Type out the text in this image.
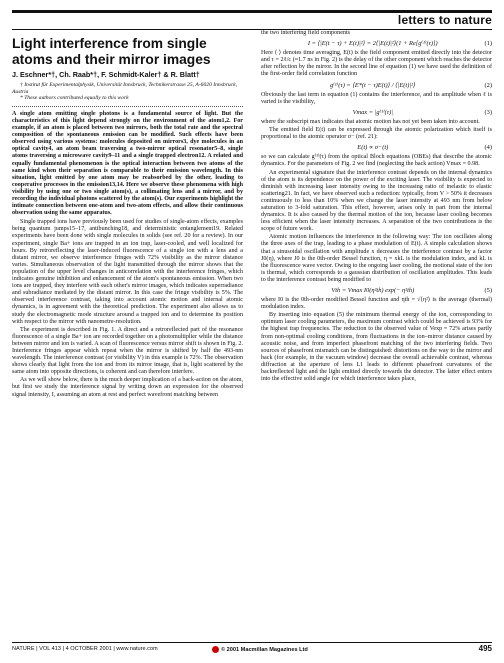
letters to nature
Light interference from single atoms and their mirror images
J. Eschner*†, Ch. Raab*†, F. Schmidt-Kaler† & R. Blatt†

† Institut für Experimentalphysik, Universität Innsbruck, Technikerstrasse 25, A-6020 Innsbruck, Austria

* These authors contributed equally to this work

A single atom emitting single photons is a fundamental source of light. But the characteristics of this light depend strongly on the environment of the atom1,2. For example, if an atom is placed between two mirrors, both the total rate and the spectral composition of the spontaneous emission can be modified. Such effects have been observed using various systems: molecules deposited on mirrors3, dye molecules in an optical cavity4, an atom beam traversing a two-mirror optical resonator5–8, single atoms traversing a microwave cavity9–11 and a single trapped electron12. A related and equally fundamental phenomenon is the optical interaction between two atoms of the same kind when their separation is comparable to their emission wavelength. In this situation, light emitted by one atom may be reabsorbed by the other, leading to cooperative processes in the emission13,14. Here we observe these phenomena with high visibility by using one or two single atom(s), a collimating lens and a mirror, and by recording the individual photons scattered by the atom(s). Our experiments highlight the intimate connection between one-atom and two-atom effects, and allow their continuous observation using the same apparatus.

Single trapped ions have previously been used for studies of single-atom effects, examples being quantum jumps15–17, antibunching18, and deterministic entanglement19. Related experiments have been done with single molecules in solids (see ref. 20 for a review). In our experiment, single Ba+ ions are trapped in an ion trap, laser-cooled, and well localized for hours. By retroreflecting the laser-induced fluorescence of a single ion with a lens and a distant mirror, we observe interference fringes with 72% visibility as the mirror distance varies. Simultaneous observation of the light transmitted through the mirror shows that the population of the upper level changes in anticorrelation with the interference fringes, which indicates genuine inhibition and enhancement of the atom's spontaneous emission. When two ions are trapped, they interfere with each other's mirror images, which indicates superradiance and subradiance mediated by the distant mirror. In this case the fringe visibility is 5%. The observed interference contrast, taking into account atomic motion and internal atomic dynamics, is in agreement with the theoretical prediction. The experiment also allows us to study the electromagnetic mode structure around a trapped ion and to determine its position with respect to the mirror with nanometre-resolution.

The experiment is described in Fig. 1. A direct and a retroreflected part of the resonance fluorescence of a single Ba+ ion are recorded together on a photomultiplier while the distance between mirror and ion is varied. A scan of fluorescence versus mirror shift is shown in Fig. 2. Interference fringes appear which repeat when the mirror is shifted by half the 493-nm wavelength. The interference contrast (or visibility V) in this example is 72%. The observation shows clearly that light from the ion and from its mirror image, that is, light scattered by the same atom into opposite directions, is coherent and can therefore interfere.

As we will show below, there is the much deeper implication of a back-action on the atom, but first we study the interference signal by writing down an expression for the observed signal intensity, I, assuming an atom at rest and perfect wavefront matching between

the two interfering field components

I = ⟨|E(t − τ) + E(t)|²⟩ = 2⟨|E(t)|²⟩(1 + Re[g⁽¹⁾(τ)])	(1)

Here ⟨ ⟩ denotes time averaging, E(t) is the field component emitted directly into the detector and τ = 2ℓ/c (≈1.7 ns in Fig. 2) is the delay of the other component which reaches the detector after reflection by the mirror. In the second line of equation (1) we have used the definition of the first-order field correlation function

g⁽¹⁾(τ) = ⟨E*(t − τ)E(t)⟩ / ⟨|E(t)|²⟩	(2)

Obviously the last term in equation (1) contains the interference, and its amplitude when ℓ is varied is the visibility,

Vmax = |g⁽¹⁾(τ)|	(3)

where the subscript max indicates that atomic motion has not yet been taken into account.

The emitted field E(t) can be expressed through the atomic polarization which itself is proportional to the atomic operator σ− (ref. 21):

E(t) ∝ σ−(t)	(4)

so we can calculate g⁽¹⁾(τ) from the optical Bloch equations (OBEs) that describe the atomic dynamics. For the parameters of Fig. 2 we find (neglecting the back action) Vmax = 0.98.

An experimental signature that the interference contrast depends on the internal dynamics of the atom is its dependence on the power of the exciting laser. The visibility is expected to diminish with increasing laser intensity owing to the increasing ratio of inelastic to elastic scattering21. In fact, we have observed such a reduction: typically, from V > 50% it decreases continuously to less than 10% when we change the laser intensity at 493 nm from below saturation to 3-fold saturation. This effect, however, arises only in part from the internal dynamics. It is also caused by the thermal motion of the ion, because laser cooling becomes less efficient when the laser intensity increases. A separation of the two contributions is the scope of future work.

Atomic motion influences the interference in the following way: The ion oscillates along the three axes of the trap, leading to a phase modulation of E(t). A simple calculation shows that a sinusoidal oscillation with amplitude x decreases the interference contrast by a factor J0(η), where J0 is the 0th-order Bessel function, η = xkL is the modulation index, and kL is the fluorescence wave vector. Owing to the ongoing laser cooling, the motional state of the ion is thermal, which corresponds to a gaussian distribution of oscillation amplitudes. This leads to the interference contrast being modified to

Vth = Vmax I0(η²th) exp(− η²th)	(5)

where I0 is the 0th-order modified Bessel function and ηth = √⟨η²⟩ is the average (thermal) modulation index.

By inserting into equation (5) the minimum thermal energy of the ion, corresponding to optimum laser cooling parameters, the maximum contrast which could be achieved is 93% for the highest trap frequencies. The reduction to the observed value of Vexp = 72% arises partly from non-optimal cooling conditions, from fluctuations in the ion–mirror distance caused by acoustic noise, and from imperfect phasefront matching of the two interfering fields. Two sources of phasefront mismatch can be distinguished: distortions on the way to the mirror and back (for example, in the vacuum window) decrease the overall achievable contrast, whereas diffraction at the aperture of lens L1 leads to different phasefront curvatures of the backreflected light and the light emitted directly towards the detector. The latter effect enters into the effective solid angle for which interference takes place,

NATURE | VOL 413 | 4 OCTOBER 2001 | www.nature.com	© 2001 Macmillan Magazines Ltd	495
